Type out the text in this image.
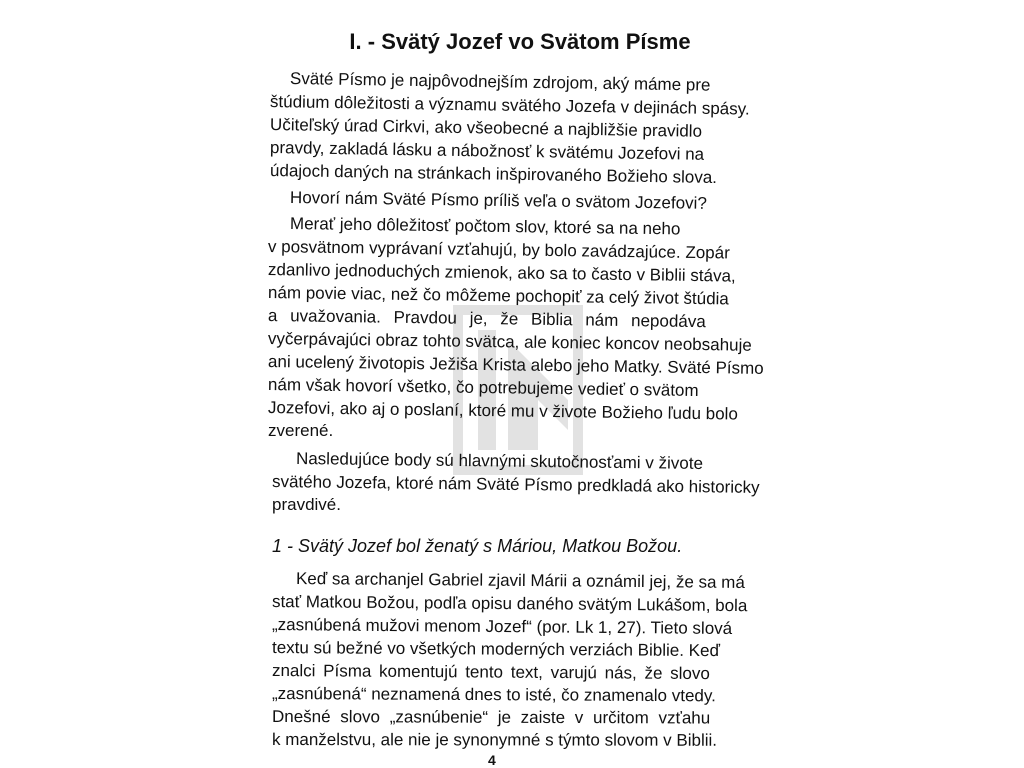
I. - Svätý Jozef vo Svätom Písme
Sväté Písmo je najpôvodnejším zdrojom, aký máme pre
štúdium dôležitosti a významu svätého Jozefa v dejinách spásy.
Učiteľský úrad Cirkvi, ako všeobecné a najbližšie pravidlo
pravdy, zakladá lásku a nábožnosť k svätému Jozefovi na
údajoch daných na stránkach inšpirovaného Božieho slova.
Hovorí nám Sväté Písmo príliš veľa o svätom Jozefovi?
Merať jeho dôležitosť počtom slov, ktoré sa na neho
v posvätnom vyprávaní vzťahujú, by bolo zavádzajúce. Zopár
zdanlivo jednoduchých zmienok, ako sa to často v Biblii stáva,
nám povie viac, než čo môžeme pochopiť za celý život štúdia
a uvažovania. Pravdou je, že Biblia nám nepodáva
vyčerpávajúci obraz tohto svätca, ale koniec koncov neobsahuje
ani ucelený životopis Ježiša Krista alebo jeho Matky. Sväté Písmo
nám však hovorí všetko, čo potrebujeme vedieť o svätom
Jozefovi, ako aj o poslaní, ktoré mu v živote Božieho ľudu bolo
zverené.
Nasledujúce body sú hlavnými skutočnosťami v živote
svätého Jozefa, ktoré nám Sväté Písmo predkladá ako historicky
pravdivé.
1 - Svätý Jozef bol ženatý s Máriou, Matkou Božou.
Keď sa archanjel Gabriel zjavil Márii a oznámil jej, že sa má
stať Matkou Božou, podľa opisu daného svätým Lukášom, bola
„zasnúbená mužovi menom Jozef“ (por. Lk 1, 27). Tieto slová
textu sú bežné vo všetkých moderných verziách Biblie. Keď
znalci Písma komentujú tento text, varujú nás, že slovo
„zasnúbená“ neznamená dnes to isté, čo znamenalo vtedy.
Dnešné slovo „zasnúbenie“ je zaiste v určitom vzťahu
k manželstvu, ale nie je synonymné s týmto slovom v Biblii.
4
